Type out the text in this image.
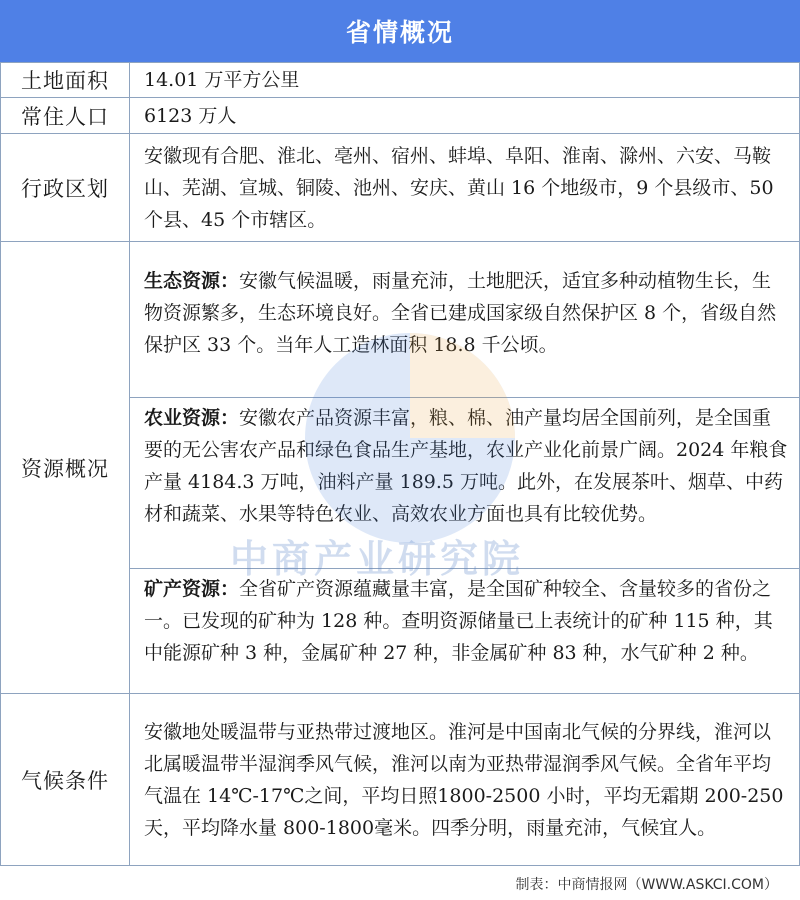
省情概况
土地面积	14.01 万平方公里
常住人口	6123 万人
行政区划	安徽现有合肥、淮北、亳州、宿州、蚌埠、阜阳、淮南、滁州、六安、马鞍山、芜湖、宣城、铜陵、池州、安庆、黄山 16 个地级市，9 个县级市、50 个县、45 个市辖区。
资源概况	生态资源：安徽气候温暖，雨量充沛，土地肥沃，适宜多种动植物生长，生物资源繁多，生态环境良好。全省已建成国家级自然保护区 8 个，省级自然保护区 33 个。当年人工造林面积 18.8 千公顷。
农业资源：安徽农产品资源丰富，粮、棉、油产量均居全国前列，是全国重要的无公害农产品和绿色食品生产基地，农业产业化前景广阔。2024 年粮食产量 4184.3 万吨，油料产量 189.5 万吨。此外，在发展茶叶、烟草、中药材和蔬菜、水果等特色农业、高效农业方面也具有比较优势。
矿产资源：全省矿产资源蕴藏量丰富，是全国矿种较全、含量较多的省份之一。已发现的矿种为 128 种。查明资源储量已上表统计的矿种 115 种，其中能源矿种 3 种，金属矿种 27 种，非金属矿种 83 种，水气矿种 2 种。

气候条件	安徽地处暖温带与亚热带过渡地区。淮河是中国南北气候的分界线，淮河以北属暖温带半湿润季风气候，淮河以南为亚热带湿润季风气候。全省年平均气温在 14℃-17℃之间，平均日照1800-2500 小时，平均无霜期 200-250 天，平均降水量 800-1800毫米。四季分明，雨量充沛，气候宜人。
中商产业研究院
制表：中商情报网（WWW.ASKCI.COM）
